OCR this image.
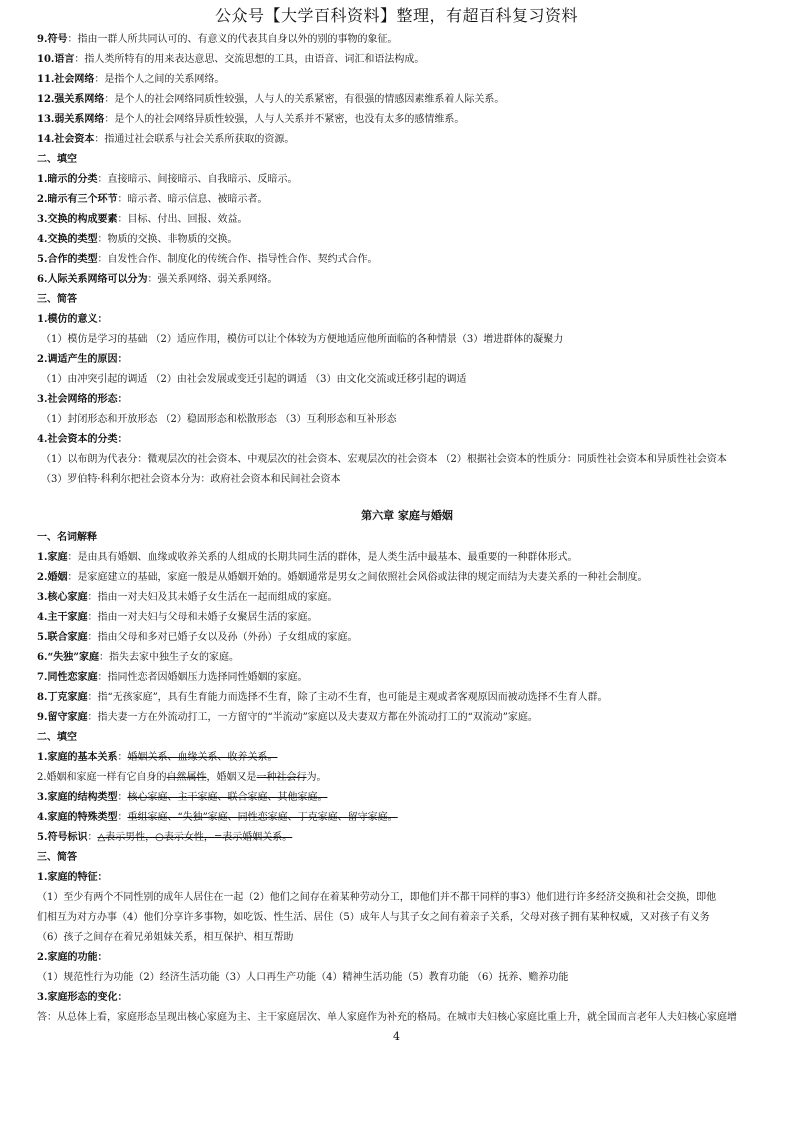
公众号【大学百科资料】整理，有超百科复习资料
9.符号：指由一群人所共同认可的、有意义的代表其自身以外的别的事物的象征。
10.语言：指人类所特有的用来表达意思、交流思想的工具，由语音、词汇和语法构成。
11.社会网络：是指个人之间的关系网络。
12.强关系网络：是个人的社会网络同质性较强，人与人的关系紧密，有很强的情感因素维系着人际关系。
13.弱关系网络：是个人的社会网络异质性较强，人与人关系并不紧密，也没有太多的感情维系。
14.社会资本：指通过社会联系与社会关系所获取的资源。
二、填空
1.暗示的分类：直接暗示、间接暗示、自我暗示、反暗示。
2.暗示有三个环节：暗示者、暗示信息、被暗示者。
3.交换的构成要素：目标、付出、回报、效益。
4.交换的类型：物质的交换、非物质的交换。
5.合作的类型：自发性合作、制度化的传统合作、指导性合作、契约式合作。
6.人际关系网络可以分为：强关系网络、弱关系网络。
三、简答
1.模仿的意义：
（1）模仿是学习的基础 （2）适应作用，模仿可以让个体较为方便地适应他所面临的各种情景（3）增进群体的凝聚力
2.调适产生的原因：
（1）由冲突引起的调适 （2）由社会发展或变迁引起的调适 （3）由文化交流或迁移引起的调适
3.社会网络的形态：
（1）封闭形态和开放形态 （2）稳固形态和松散形态 （3）互利形态和互补形态
4.社会资本的分类：
（1）以布朗为代表分：微观层次的社会资本、中观层次的社会资本、宏观层次的社会资本 （2）根据社会资本的性质分：同质性社会资本和异质性社会资本
（3）罗伯特·科利尔把社会资本分为：政府社会资本和民间社会资本
第六章 家庭与婚姻
一、名词解释
1.家庭：是由具有婚姻、血缘或收养关系的人组成的长期共同生活的群体，是人类生活中最基本、最重要的一种群体形式。
2.婚姻：是家庭建立的基础，家庭一般是从婚姻开始的。婚姻通常是男女之间依照社会风俗或法律的规定而结为夫妻关系的一种社会制度。
3.核心家庭：指由一对夫妇及其未婚子女生活在一起而组成的家庭。
4.主干家庭：指由一对夫妇与父母和未婚子女聚居生活的家庭。
5.联合家庭：指由父母和多对已婚子女以及孙（外孙）子女组成的家庭。
6.“失独”家庭：指失去家中独生子女的家庭。
7.同性恋家庭：指同性恋者因婚姻压力选择同性婚姻的家庭。
8.丁克家庭：指“无孩家庭”，具有生育能力而选择不生育，除了主动不生育，也可能是主观或者客观原因而被动选择不生育人群。
9.留守家庭：指夫妻一方在外流动打工，一方留守的“半流动”家庭以及夫妻双方都在外流动打工的“双流动”家庭。
二、填空
1.家庭的基本关系：婚姻关系、血缘关系、收养关系。
2.婚姻和家庭一样有它自身的自然属性，婚姻又是一种社会行为。
3.家庭的结构类型：核心家庭、主干家庭、联合家庭、其他家庭。
4.家庭的特殊类型：重组家庭、“失独”家庭、同性恋家庭、丁克家庭、留守家庭。
5.符号标识：△表示男性，○表示女性，=表示婚姻关系。
三、简答
1.家庭的特征：
（1）至少有两个不同性别的成年人居住在一起（2）他们之间存在着某种劳动分工，即他们并不都干同样的事3）他们进行许多经济交换和社会交换，即他
们相互为对方办事（4）他们分享许多事物，如吃饭、性生活、居住（5）成年人与其子女之间有着亲子关系，父母对孩子拥有某种权威，又对孩子有义务
（6）孩子之间存在着兄弟姐妹关系，相互保护、相互帮助
2.家庭的功能：
（1）规范性行为功能（2）经济生活功能（3）人口再生产功能（4）精神生活功能（5）教育功能 （6）抚养、赡养功能
3.家庭形态的变化：
答：从总体上看，家庭形态呈现出核心家庭为主、主干家庭居次、单人家庭作为补充的格局。在城市夫妇核心家庭比重上升，就全国而言老年人夫妇核心家庭增
4
